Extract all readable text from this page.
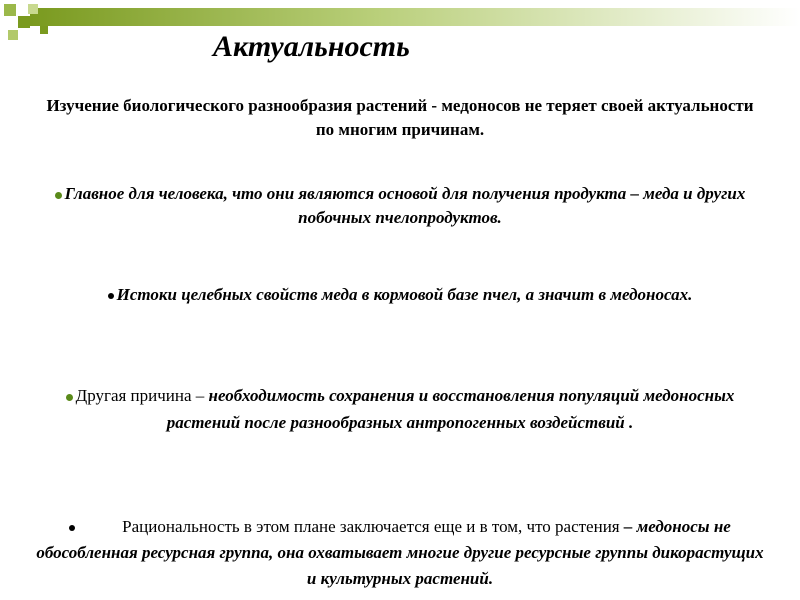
Актуальность

Изучение биологического разнообразия растений - медоносов не теряет своей актуальности по многим причинам.

Главное для человека, что они являются основой для получения продукта – меда и других побочных пчелопродуктов.

Истоки целебных свойств меда в кормовой базе пчел, а значит в медоносах.

Другая причина – необходимость сохранения и восстановления популяций медоносных растений после разнообразных антропогенных воздействий .

Рациональность в этом плане заключается еще и в том, что растения – медоносы не обособленная ресурсная группа, она охватывает многие другие ресурсные группы дикорастущих и культурных растений.
